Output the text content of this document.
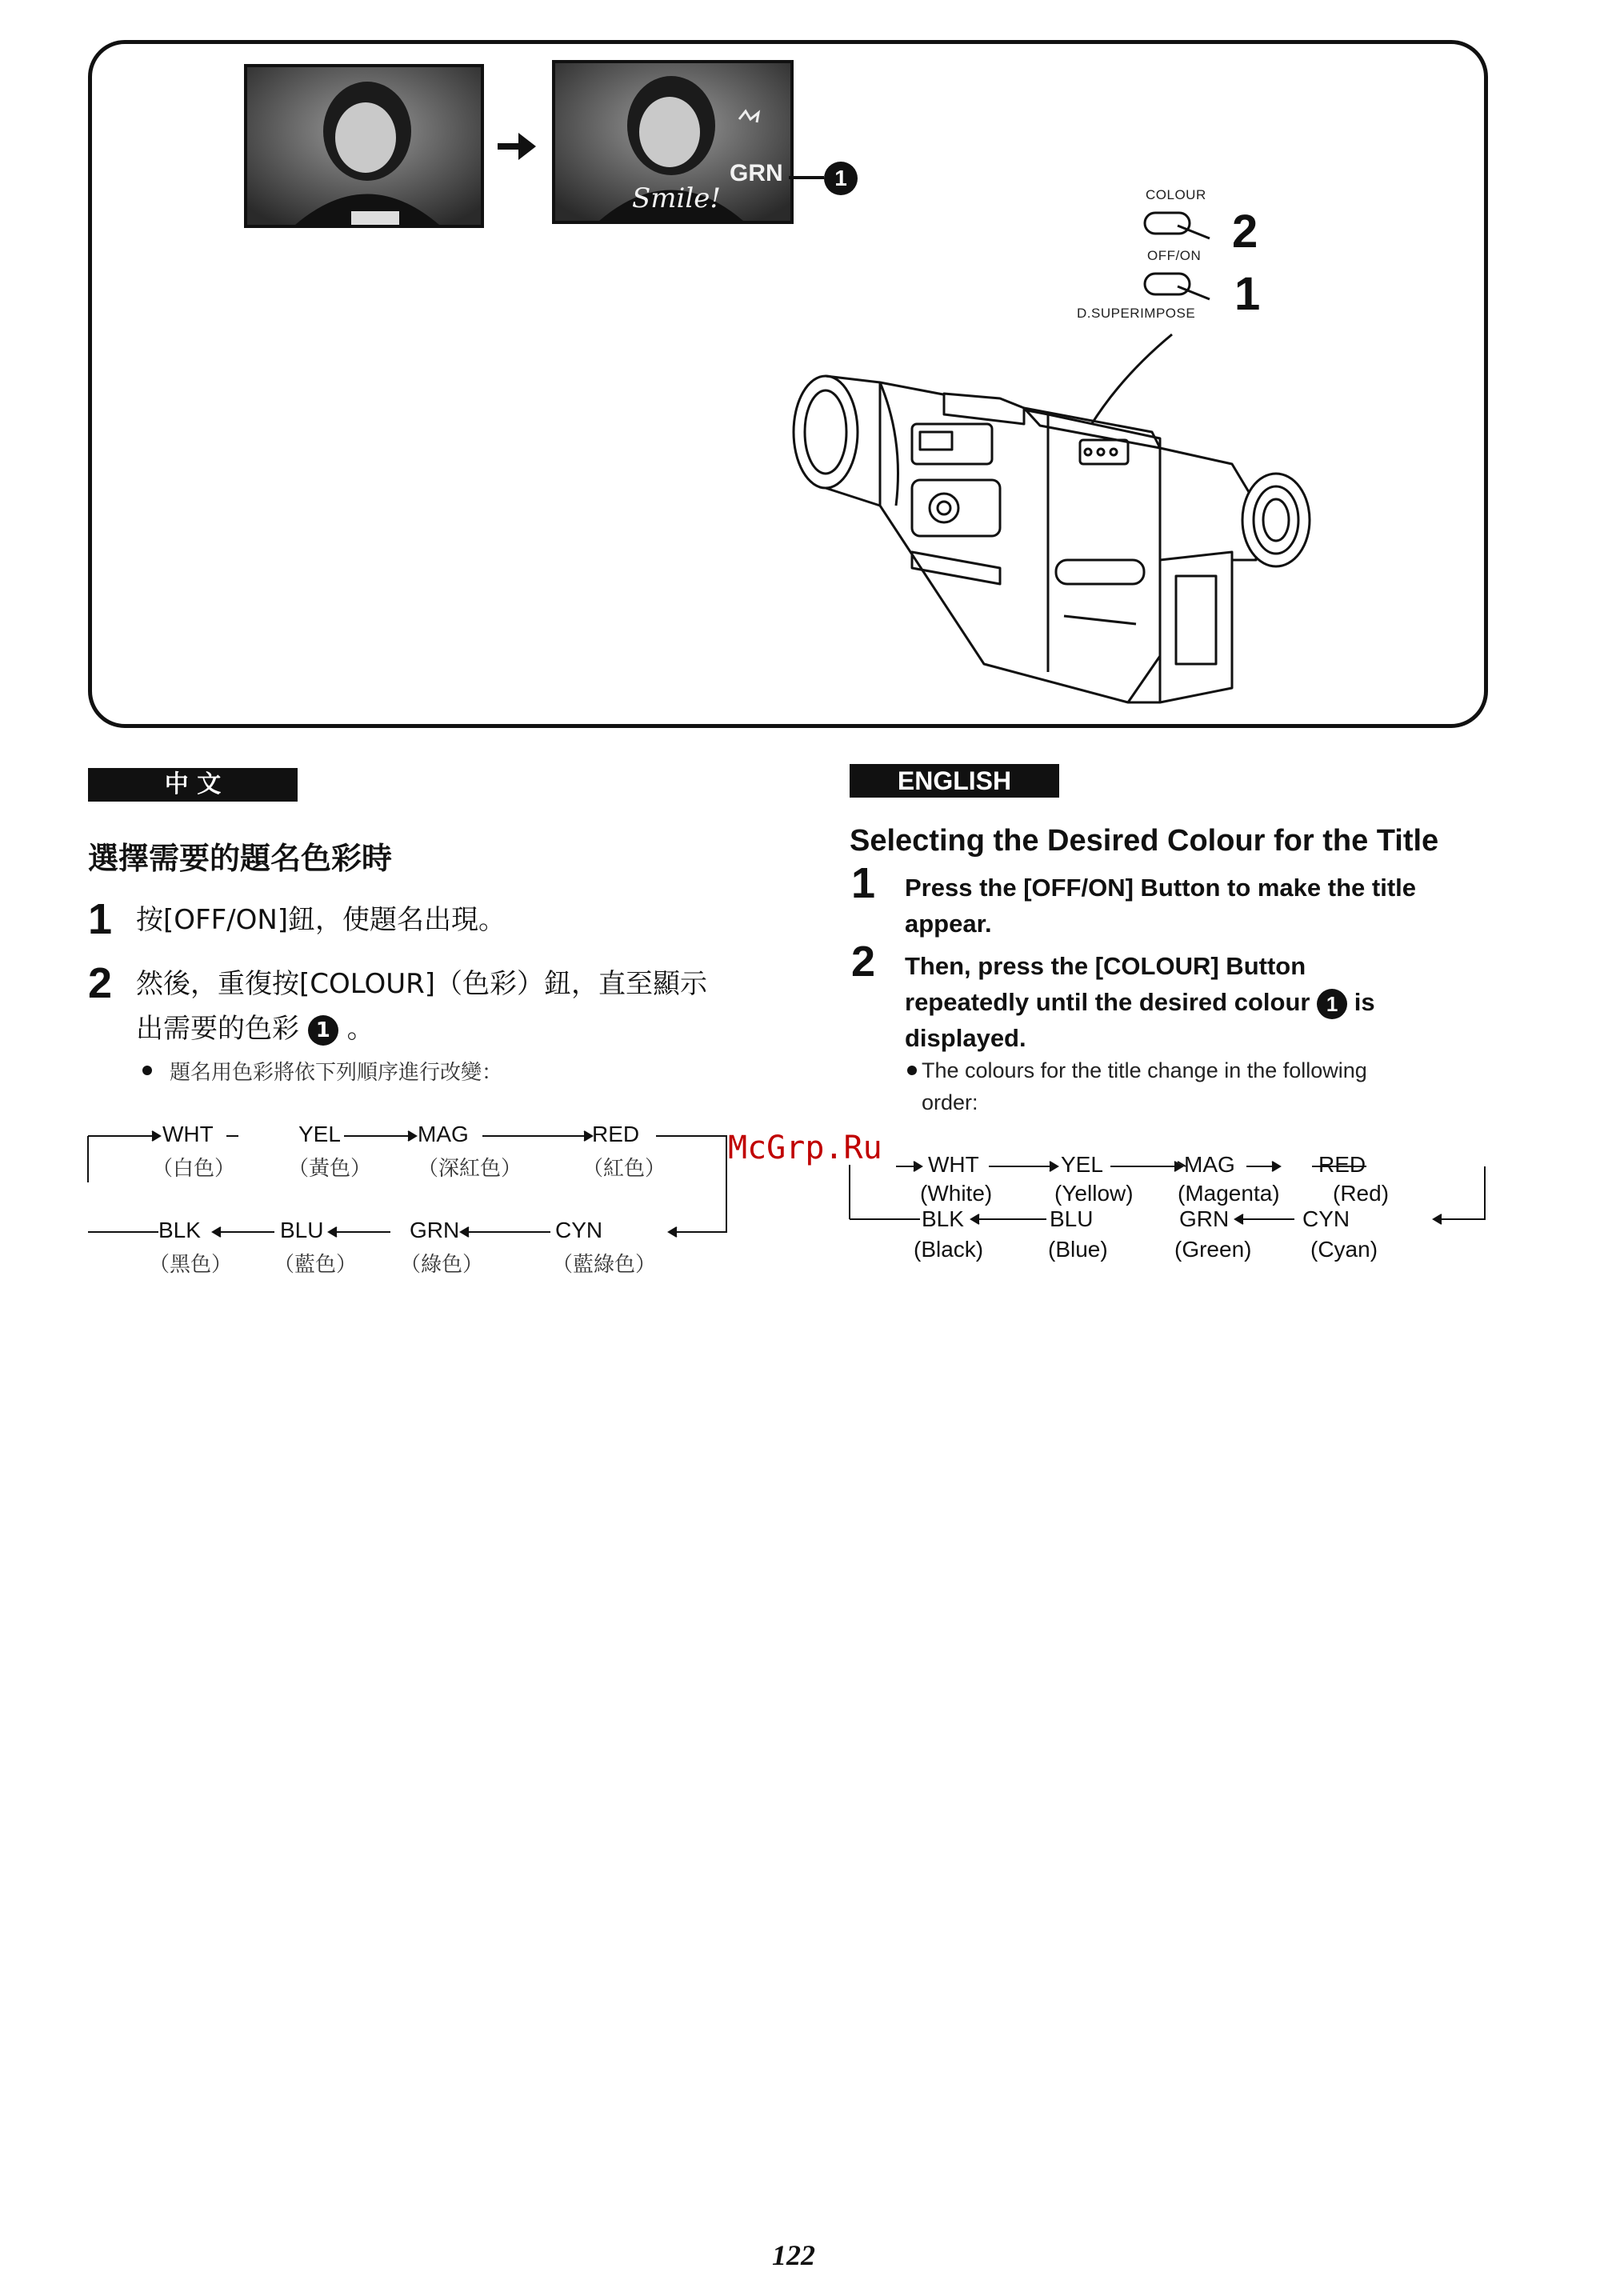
Smile!
GRN	1
COLOUR
2
OFF/ON
1
D.SUPERIMPOSE
中 文
選擇需要的題名色彩時
1 按[OFF/ON]鈕，使題名出現。
2 然後，重復按[COLOUR]（色彩）鈕，直至顯示
出需要的色彩 1 。
題名用色彩將依下列順序進行改變：
WHT	YEL	MAG	RED
（白色）	（黃色） （深紅色）	（紅色）
BLK	BLU	GRN	CYN
（黑色） （藍色） （綠色）	（藍綠色）
McGrp.Ru
ENGLISH
Selecting the Desired Colour for the Title
1 Press the [OFF/ON] Button to make the title
appear.
2 Then, press the [COLOUR] Button
repeatedly until the desired colour 1 is
displayed.
The colours for the title change in the following
order:
WHT	YEL	MAG	RED
(White)	(Yellow) (Magenta) (Red)
BLK	BLU	GRN	CYN
(Black)	(Blue)	(Green)	(Cyan)
122
